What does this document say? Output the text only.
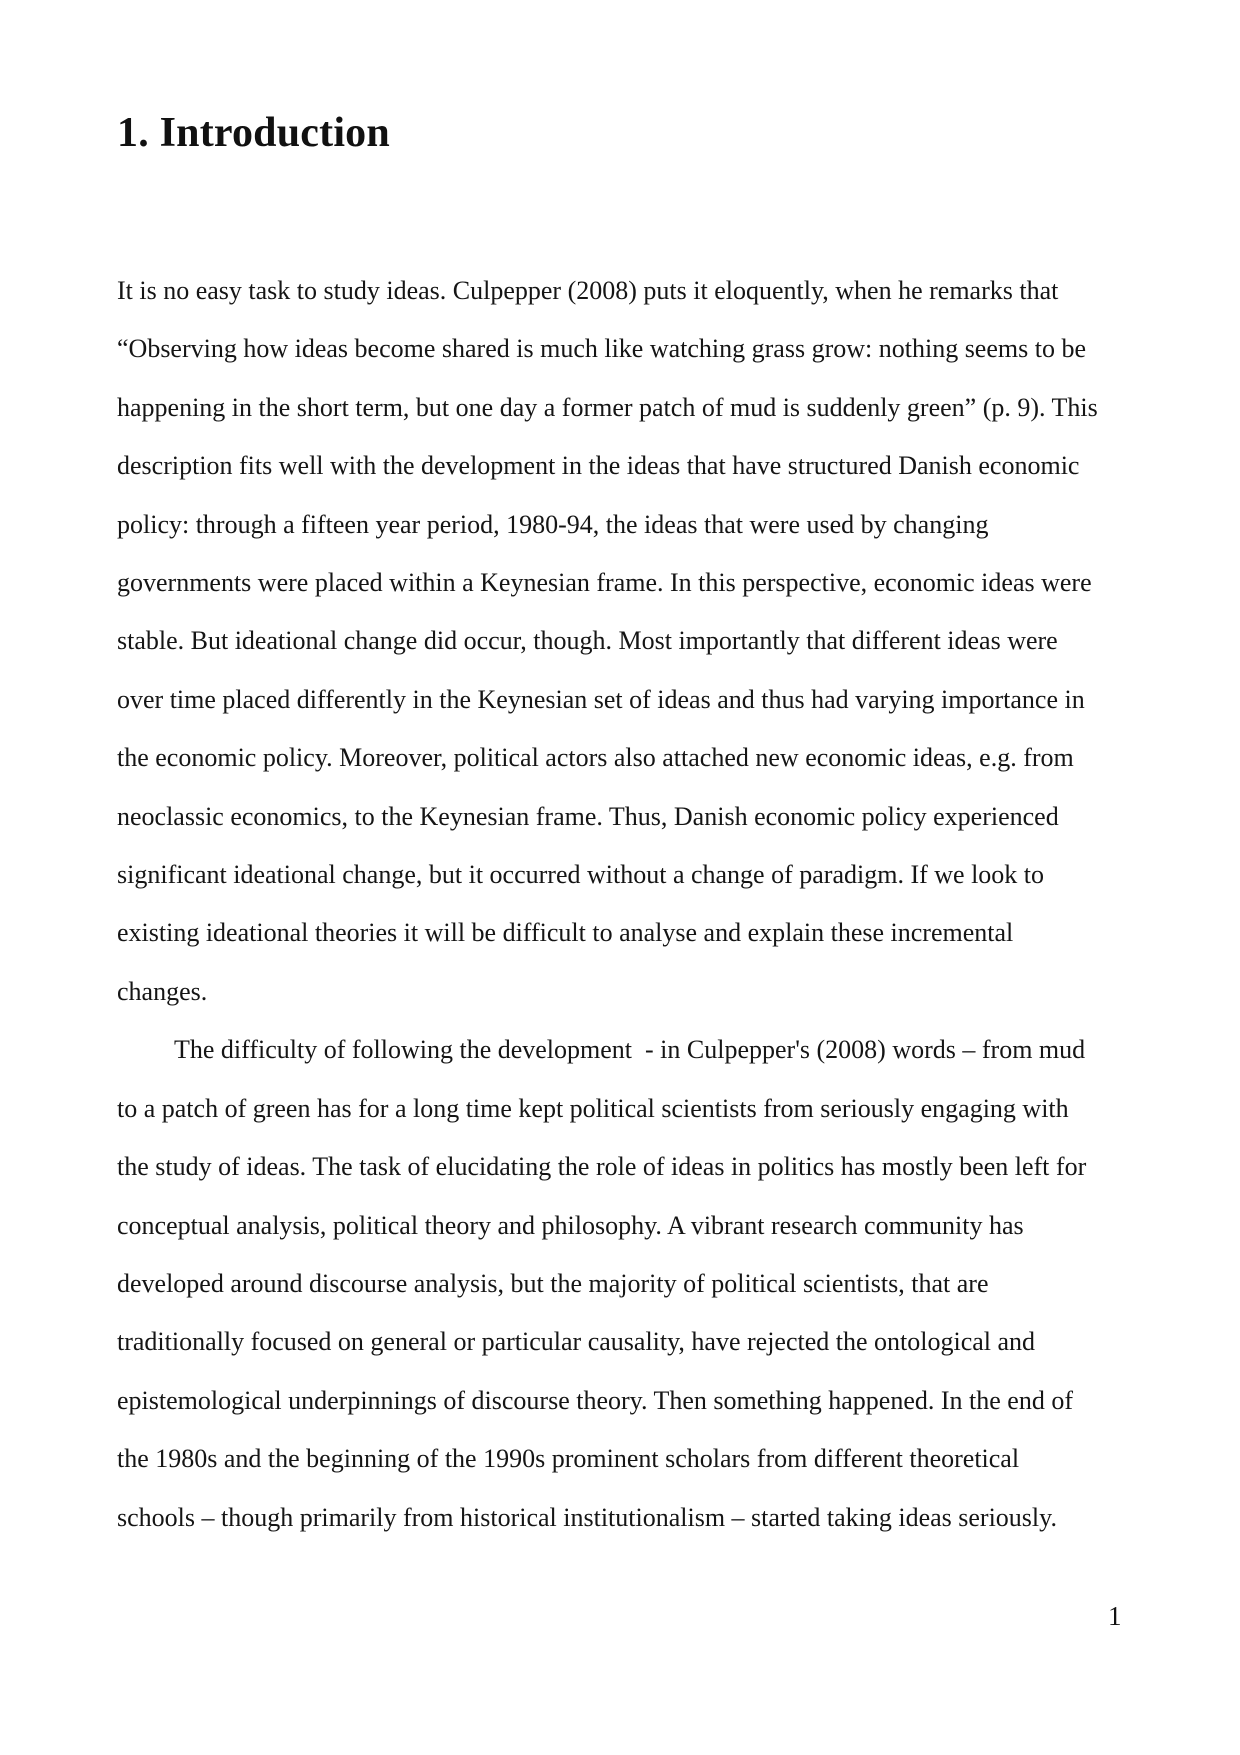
1. Introduction
It is no easy task to study ideas. Culpepper (2008) puts it eloquently, when he remarks that
“Observing how ideas become shared is much like watching grass grow: nothing seems to be
happening in the short term, but one day a former patch of mud is suddenly green” (p. 9). This
description fits well with the development in the ideas that have structured Danish economic
policy: through a fifteen year period, 1980-94, the ideas that were used by changing
governments were placed within a Keynesian frame. In this perspective, economic ideas were
stable. But ideational change did occur, though. Most importantly that different ideas were
over time placed differently in the Keynesian set of ideas and thus had varying importance in
the economic policy. Moreover, political actors also attached new economic ideas, e.g. from
neoclassic economics, to the Keynesian frame. Thus, Danish economic policy experienced
significant ideational change, but it occurred without a change of paradigm. If we look to
existing ideational theories it will be difficult to analyse and explain these incremental
changes.
The difficulty of following the development  - in Culpepper's (2008) words – from mud
to a patch of green has for a long time kept political scientists from seriously engaging with
the study of ideas. The task of elucidating the role of ideas in politics has mostly been left for
conceptual analysis, political theory and philosophy. A vibrant research community has
developed around discourse analysis, but the majority of political scientists, that are
traditionally focused on general or particular causality, have rejected the ontological and
epistemological underpinnings of discourse theory. Then something happened. In the end of
the 1980s and the beginning of the 1990s prominent scholars from different theoretical
schools – though primarily from historical institutionalism – started taking ideas seriously.
1
